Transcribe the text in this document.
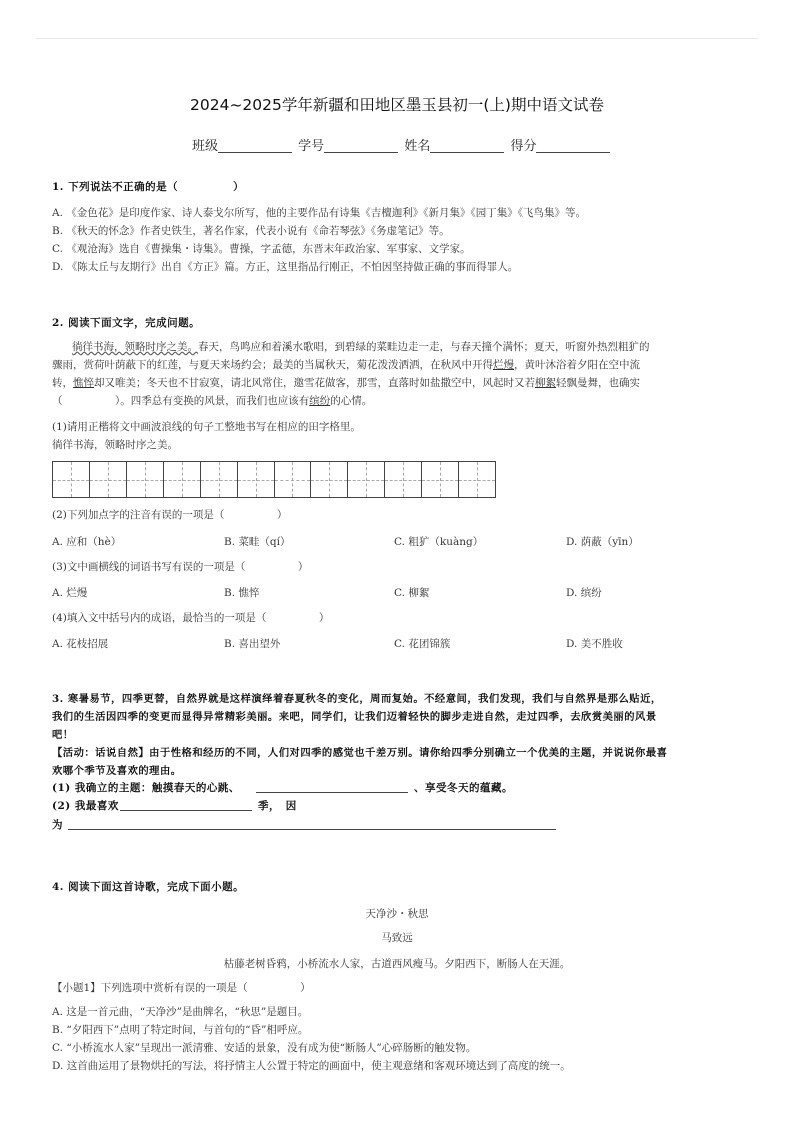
2024~2025学年新疆和田地区墨玉县初一(上)期中语文试卷
班级	学号	姓名	得分
1. 下列说法不正确的是（　　　　　）
A. 《金色花》是印度作家、诗人泰戈尔所写，他的主要作品有诗集《吉檀迦利》《新月集》《园丁集》《飞鸟集》等。
B. 《秋天的怀念》作者史铁生，著名作家，代表小说有《命若琴弦》《务虚笔记》等。
C. 《观沧海》选自《曹操集・诗集》。曹操，字孟德，东晋末年政治家、军事家、文学家。
D. 《陈太丘与友期行》出自《方正》篇。方正，这里指品行刚正，不怕因坚持做正确的事而得罪人。
2. 阅读下面文字，完成问题。
徜徉书海，领略时序之美。春天，鸟鸣应和着溪水歌唱，到碧绿的菜畦边走一走，与春天撞个满怀；夏天，听窗外热烈粗犷的
骤雨，赏荷叶荫蔽下的红莲，与夏天来场约会；最美的当属秋天，菊花泼泼洒洒，在秋风中开得烂熳，黄叶沐浴着夕阳在空中流
转，憔悴却又唯美；冬天也不甘寂寞，请北风常住，邀雪花做客，那雪，直落时如盐撒空中，风起时又若柳絮轻飘曼舞，也确实
（　　　　　）。四季总有变换的风景，而我们也应该有缤纷的心情。
(1)请用正楷将文中画波浪线的句子工整地书写在相应的田字格里。
徜徉书海，领略时序之美。
(2)下列加点字的注音有误的一项是（　　　　　）
A. 应和（hè）	B. 菜畦（qí）	C. 粗犷（kuàng）	D. 荫蔽（yīn）
(3)文中画横线的词语书写有误的一项是（　　　　　）
A. 烂熳	B. 憔悴	C. 柳絮	D. 缤纷
(4)填入文中括号内的成语，最恰当的一项是（　　　　　）
A. 花枝招展	B. 喜出望外	C. 花团锦簇	D. 美不胜收
3. 寒暑易节，四季更替，自然界就是这样演绎着春夏秋冬的变化，周而复始。不经意间，我们发现，我们与自然界是那么贴近，
我们的生活因四季的变更而显得异常精彩美丽。来吧，同学们，让我们迈着轻快的脚步走进自然，走过四季，去欣赏美丽的风景
吧！
【活动：话说自然】由于性格和经历的不同，人们对四季的感觉也千差万别。请你给四季分别确立一个优美的主题，并说说你最喜
欢哪个季节及喜欢的理由。
(1) 我确立的主题：触摸春天的心跳、	、享受冬天的蕴藏。
(2) 我最喜欢	季，　因
为
4. 阅读下面这首诗歌，完成下面小题。
天净沙・秋思
马致远
枯藤老树昏鸦，小桥流水人家，古道西风瘦马。夕阳西下，断肠人在天涯。
【小题1】下列选项中赏析有误的一项是（　　　　　）
A. 这是一首元曲，“天净沙”是曲牌名，“秋思”是题目。
B. “夕阳西下”点明了特定时间，与首句的“昏”相呼应。
C. “小桥流水人家”呈现出一派清雅、安适的景象，没有成为使“断肠人”心碎肠断的触发物。
D. 这首曲运用了景物烘托的写法，将抒情主人公置于特定的画面中，使主观意绪和客观环境达到了高度的统一。
